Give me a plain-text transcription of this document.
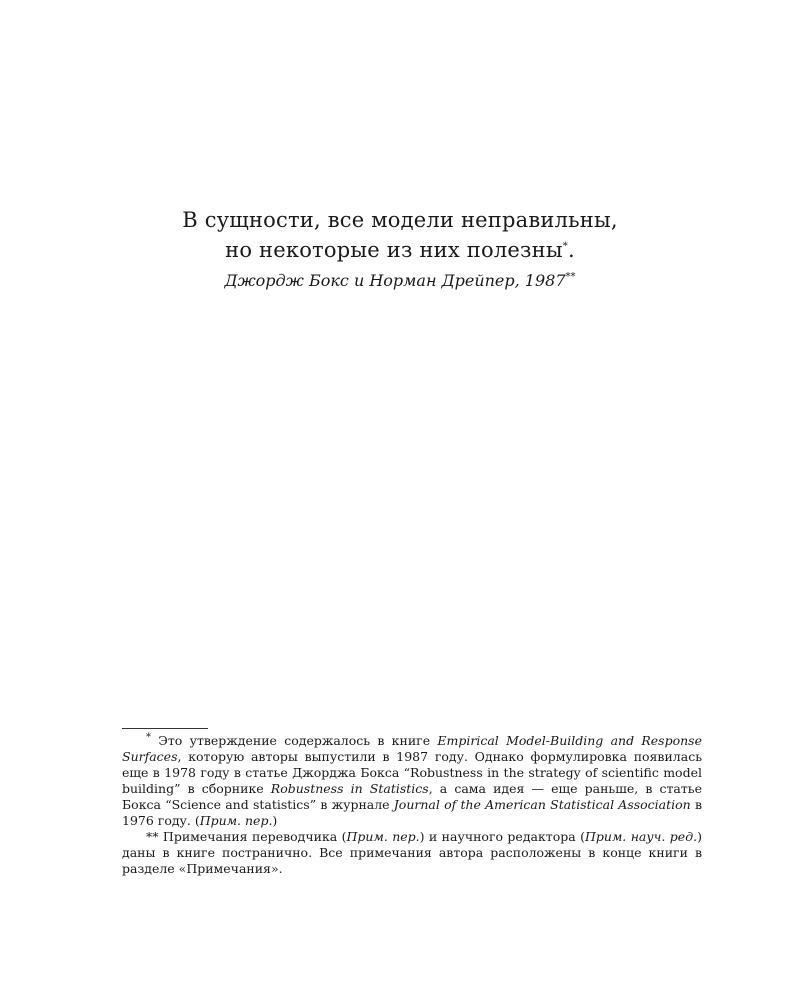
В сущности, все модели неправильны,
но некоторые из них полезны*.
Джордж Бокс и Норман Дрейпер, 1987**

* Это утверждение содержалось в книге Empirical Model-Building and Response Surfaces, которую авторы выпустили в 1987 году. Однако формулировка появилась еще в 1978 году в статье Джорджа Бокса “Robustness in the strategy of scientific model building” в сборнике Robustness in Statistics, а сама идея — еще раньше, в статье Бокса “Science and statistics” в журнале Journal of the American Statistical Association в 1976 году. (Прим. пер.)

** Примечания переводчика (Прим. пер.) и научного редактора (Прим. науч. ред.) даны в книге постранично. Все примечания автора расположены в конце книги в разделе «Примечания».
